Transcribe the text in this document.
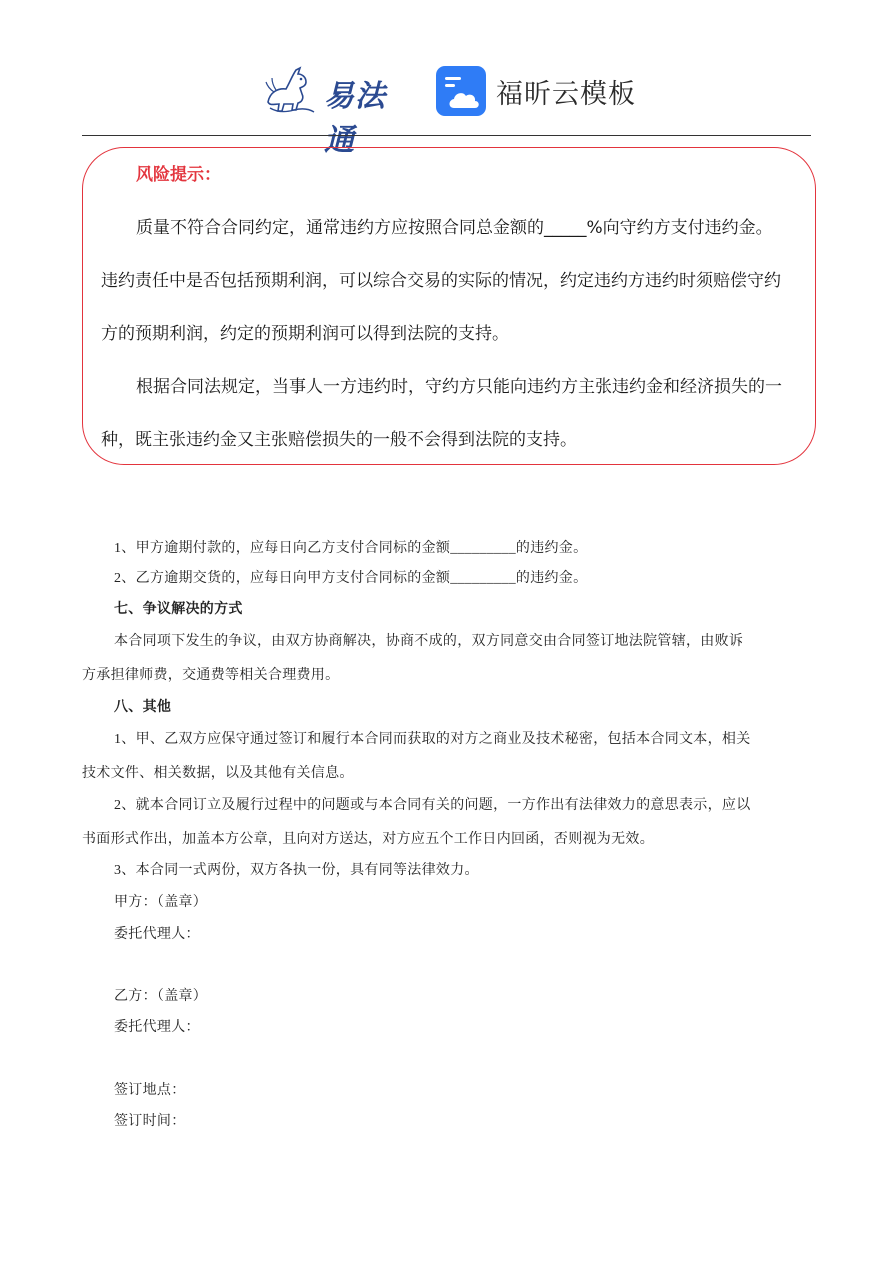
易法通
福昕云模板
风险提示：
质量不符合合同约定，通常违约方应按照合同总金额的_____%向守约方支付违约金。
违约责任中是否包括预期利润，可以综合交易的实际的情况，约定违约方违约时须赔偿守约
方的预期利润，约定的预期利润可以得到法院的支持。
根据合同法规定，当事人一方违约时，守约方只能向违约方主张违约金和经济损失的一
种，既主张违约金又主张赔偿损失的一般不会得到法院的支持。
1、甲方逾期付款的，应每日向乙方支付合同标的金额_________的违约金。
2、乙方逾期交货的，应每日向甲方支付合同标的金额_________的违约金。
七、争议解决的方式
本合同项下发生的争议，由双方协商解决，协商不成的，双方同意交由合同签订地法院管辖，由败诉
方承担律师费，交通费等相关合理费用。
八、其他
1、甲、乙双方应保守通过签订和履行本合同而获取的对方之商业及技术秘密，包括本合同文本，相关
技术文件、相关数据，以及其他有关信息。
2、就本合同订立及履行过程中的问题或与本合同有关的问题，一方作出有法律效力的意思表示，应以
书面形式作出，加盖本方公章，且向对方送达，对方应五个工作日内回函，否则视为无效。
3、本合同一式两份，双方各执一份，具有同等法律效力。
甲方：（盖章）
委托代理人：
乙方：（盖章）
委托代理人：
签订地点：
签订时间：
